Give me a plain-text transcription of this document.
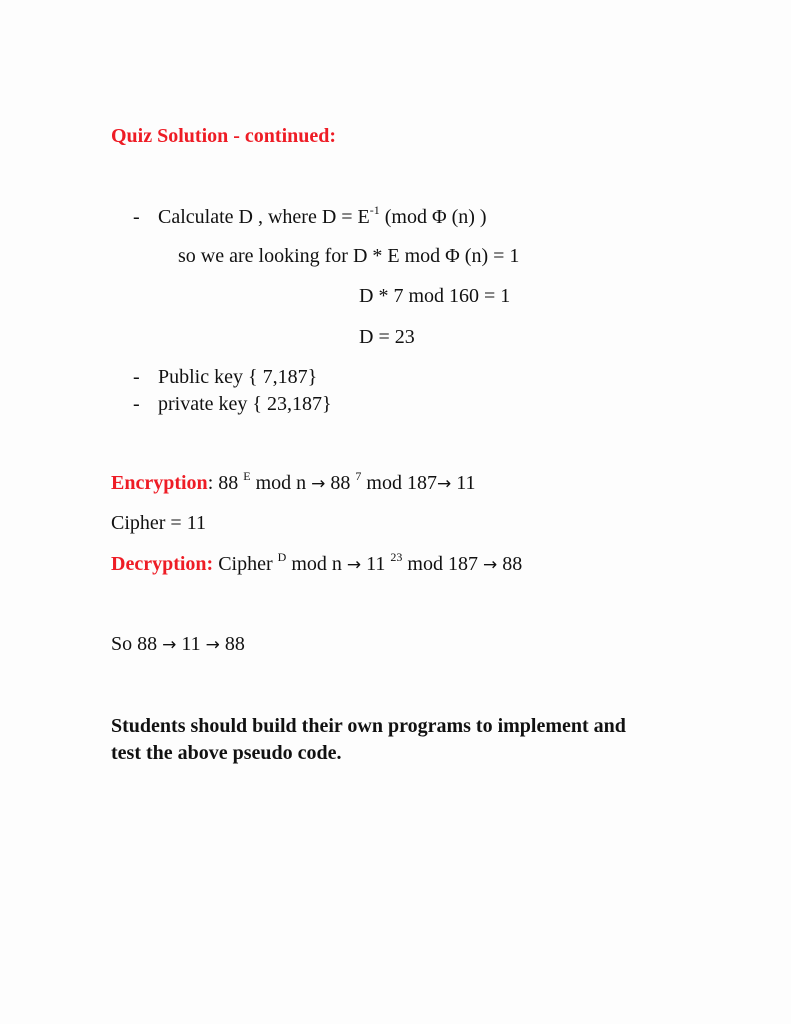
Quiz Solution - continued:
- Calculate D , where $D = E^{-1}$ (mod Φ (n) )
so we are looking for D * E mod Φ (n) = 1
D * 7 mod 160 = 1
D = 23
- Public key { 7,187}
- private key { 23,187}
Encryption: 88 $^E$ mod n → 88 $^7$ mod 187→ 11
Cipher = 11
Decryption: Cipher $^D$ mod n → 11 $^{23}$ mod 187 → 88
So 88 → 11 → 88
Students should build their own programs to implement and
test the above pseudo code.
